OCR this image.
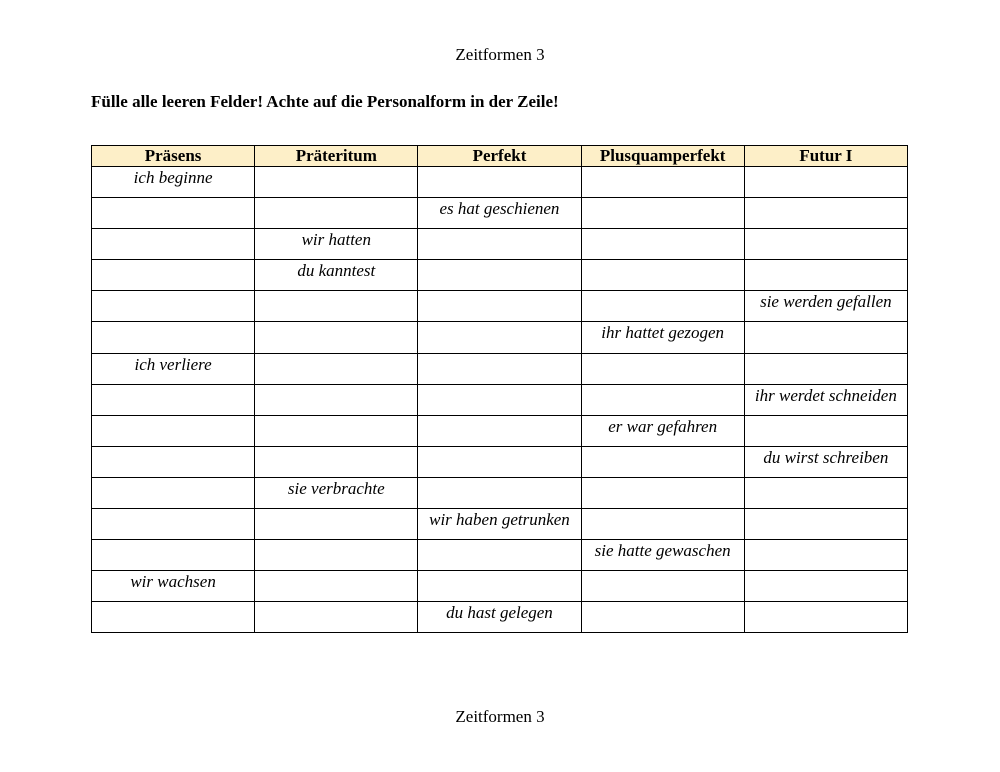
Zeitformen 3
Fülle alle leeren Felder! Achte auf die Personalform in der Zeile!
Präsens	Präteritum	Perfekt	Plusquamperfekt	Futur I
ich beginne				
		es hat geschienen		
	wir hatten			
	du kanntest			
				sie werden gefallen
			ihr hattet gezogen	
ich verliere				
				ihr werdet schneiden
			er war gefahren	
				du wirst schreiben
	sie verbrachte			
		wir haben getrunken		
			sie hatte gewaschen	
wir wachsen				
		du hast gelegen		
Zeitformen 3
